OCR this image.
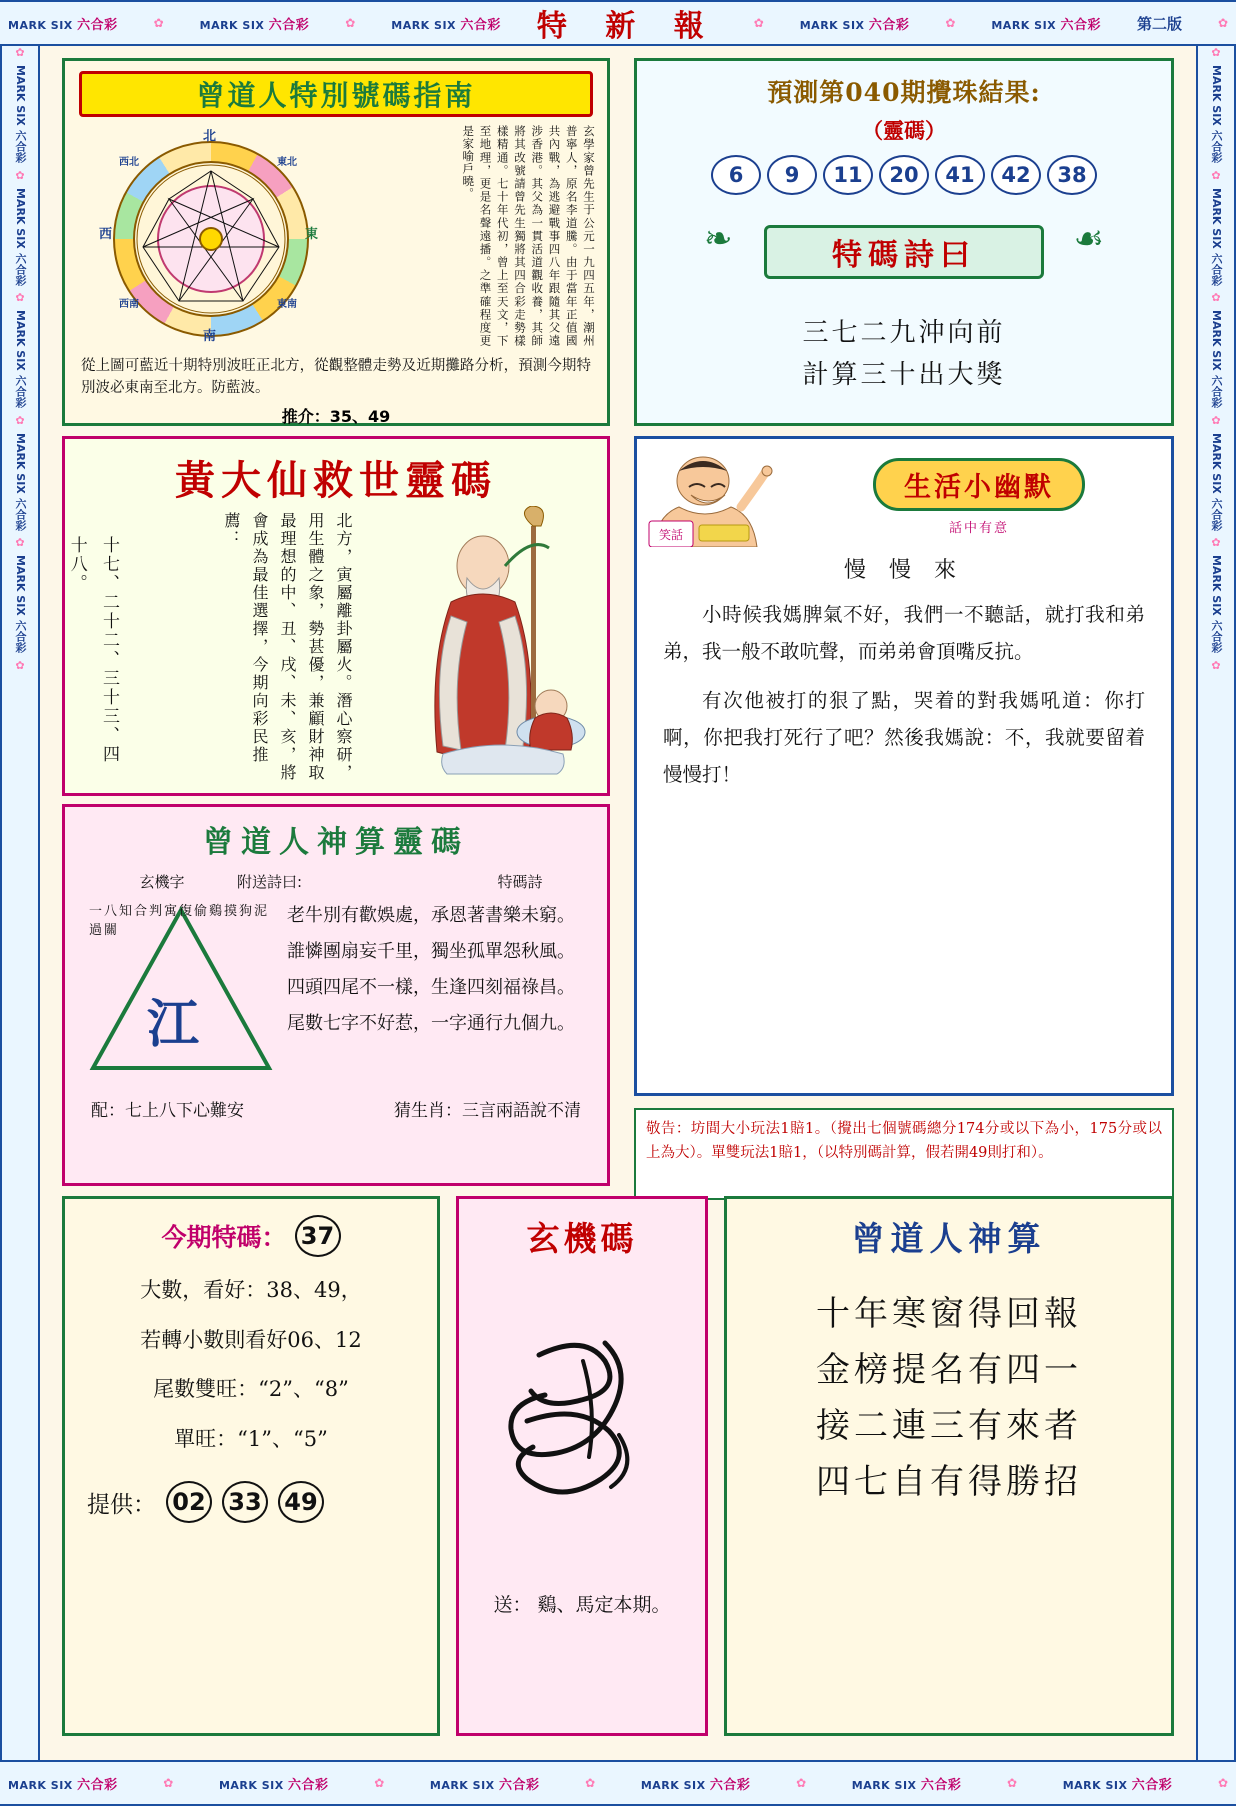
MARK SIX 六合彩	✿	MARK SIX 六合彩	✿	MARK SIX 六合彩 特 新 報	✿	MARK SIX 六合彩	✿	MARK SIX 六合彩 第二版	✿
✿
MARK SIX 六合彩
✿
MARK SIX 六合彩
✿
MARK SIX 六合彩
✿
MARK SIX 六合彩
✿
MARK SIX 六合彩
✿
✿
MARK SIX 六合彩
✿
MARK SIX 六合彩
✿
MARK SIX 六合彩
✿
MARK SIX 六合彩
✿
MARK SIX 六合彩
✿
曾道人特別號碼指南
北
南
東
西
東北
西北
東南
西南	玄學家曾先生于公元一九四五年，潮州普寧人，原名李道騰。由于當年正值國共內戰，為逃避戰事四八年跟隨其父遠涉香港。其父為一貫活道觀收養，其師將其改號請曾先生獨將其四合彩走勢樣樣精通。七十年代初，曾上至天文，下至地理，更是名聲遠播。之準確程度更是家喻戶曉。
從上圖可藍近十期特別波旺正北方，從觀整體走勢及近期攤路分析，預測今期特別波必東南至北方。防藍波。
推介：35、49
預測第040期攪珠結果:
（靈碼）
6	9	11	20	41	42	38
❧	☙
特碼詩曰
三七二九沖向前
計算三十出大獎
黃大仙救世靈碼
十七、二十二、三十三、四十八。	北方，寅屬離卦屬火。潛心察研，用生體之象，勢甚優，兼顧財神取最理想的中、丑、戌、未、亥，將會成為最佳選擇，今期向彩民推薦：	笑話
生活小幽默
話中有意
慢 慢 來

小時候我媽脾氣不好，我們一不聽話，就打我和弟弟，我一般不敢吭聲，而弟弟會頂嘴反抗。

有次他被打的狠了點，哭着的對我媽吼道：你打啊，你把我打死行了吧？然後我媽說：不，我就要留着慢慢打！

曾道人神算靈碼
玄機字	附送詩曰:	特碼詩
一八知合判寓復偷鷄摸狗泥過關
江
老牛別有歡娛處，承恩著書樂未窮。
誰憐團扇妄千里，獨坐孤單怨秋風。
四頭四尾不一樣，生逢四刻福祿昌。
尾數七字不好惹，一字通行九個九。
配：七上八下心難安	猜生肖：三言兩語說不清

敬告：坊間大小玩法1賠1。（攪出七個號碼總分174分或以下為小，175分或以上為大）。單雙玩法1賠1，（以特別碼計算，假若開49則打和）。

今期特碼： 37
大數，看好：38、49，
若轉小數則看好06、12
尾數雙旺：“2”、“8”
單旺：“1”、“5”
提供： 02 33 49
玄機碼
送： 鷄、馬定本期。
曾道人神算
十年寒窗得回報
金榜提名有四一
接二連三有來者
四七自有得勝招
MARK SIX 六合彩	✿	MARK SIX 六合彩	✿	MARK SIX 六合彩	✿	MARK SIX 六合彩	✿	MARK SIX 六合彩	✿	MARK SIX 六合彩	✿
